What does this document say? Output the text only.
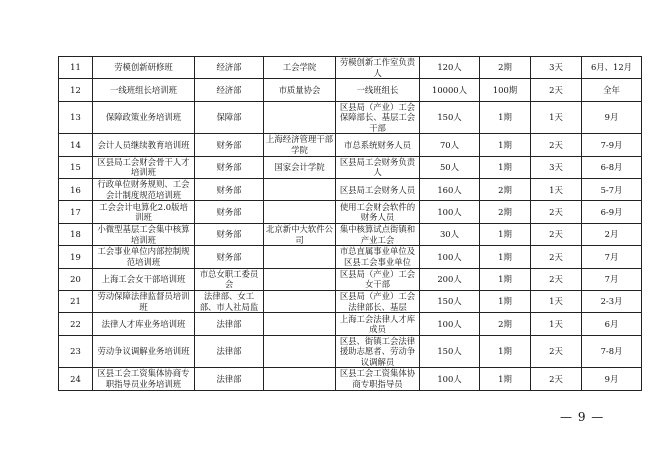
11	劳模创新研修班	经济部	工会学院	劳模创新工作室负责人	120人	2期	3天	6月、12月
12	一线班组长培训班	经济部	市质量协会	一线班组长	10000人	100期	2天	全年
13	保障政策业务培训班	保障部		区县局（产业）工会保障部长、基层工会干部	150人	1期	1天	9月
14	会计人员继续教育培训班	财务部	上海经济管理干部学院	市总系统财务人员	70人	1期	2天	7-9月
15	区县局工会财会骨干人才培训班	财务部	国家会计学院	区县局工会财务负责人	50人	1期	3天	6-8月
16	行政单位财务规则、工会会计制度规范培训班	财务部		区县局工会财务人员	160人	2期	1天	5-7月
17	工会会计电算化2.0版培训班	财务部		使用工会财会软件的财务人员	100人	2期	2天	6-9月
18	小微型基层工会集中核算培训班	财务部	北京新中大软件公司	集中核算试点街镇和产业工会	30人	1期	2天	2月
19	工会事业单位内部控制规范培训班	财务部		市总直属事业单位及区县工会事业单位	100人	1期	2天	7月
20	上海工会女干部培训班	市总女职工委员会		区县局（产业）工会女干部	200人	1期	2天	7月
21	劳动保障法律监督员培训班	法律部、女工部、市人社局监		区县局（产业）工会法律部长、基层	150人	1期	1天	2-3月
22	法律人才库业务培训班	法律部		上海工会法律人才库成员	100人	2期	1天	6月
23	劳动争议调解业务培训班	法律部		区县、街镇工会法律援助志愿者、劳动争议调解员	150人	1期	2天	7-8月
24	区县工会工资集体协商专职指导员业务培训班	法律部		区县工会工资集体协商专职指导员	100人	1期	2天	9月
— 9 —
